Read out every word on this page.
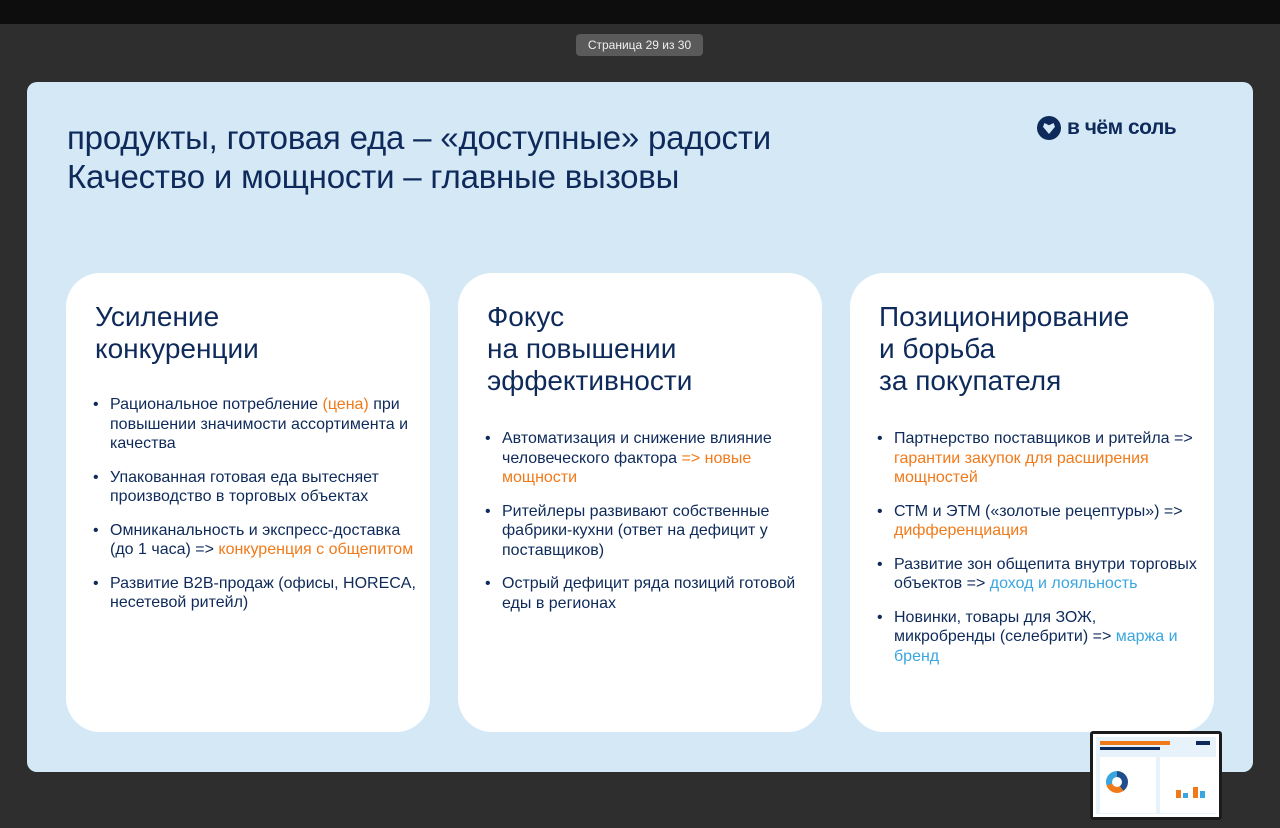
Страница 29 из 30
продукты, готовая еда – «доступные» радости
Качество и мощности – главные вызовы
в чём соль
Усиление
конкуренции
• Рациональное потребление (цена) при повышении значимости ассортимента и качества
• Упакованная готовая еда вытесняет производство в торговых объектах
• Омниканальность и экспресс-доставка (до 1 часа) => конкуренция с общепитом
• Развитие B2B-продаж (офисы, HORECA, несетевой ритейл)
Фокус
на повышении
эффективности
• Автоматизация и снижение влияние человеческого фактора => новые мощности
• Ритейлеры развивают собственные фабрики-кухни (ответ на дефицит у поставщиков)
• Острый дефицит ряда позиций готовой еды в регионах
Позиционирование
и борьба
за покупателя
• Партнерство поставщиков и ритейла => гарантии закупок для расширения мощностей
• СТМ и ЭТМ («золотые рецептуры») => дифференциация
• Развитие зон общепита внутри торговых объектов => доход и лояльность
• Новинки, товары для ЗОЖ, микробренды (селебрити) => маржа и бренд
